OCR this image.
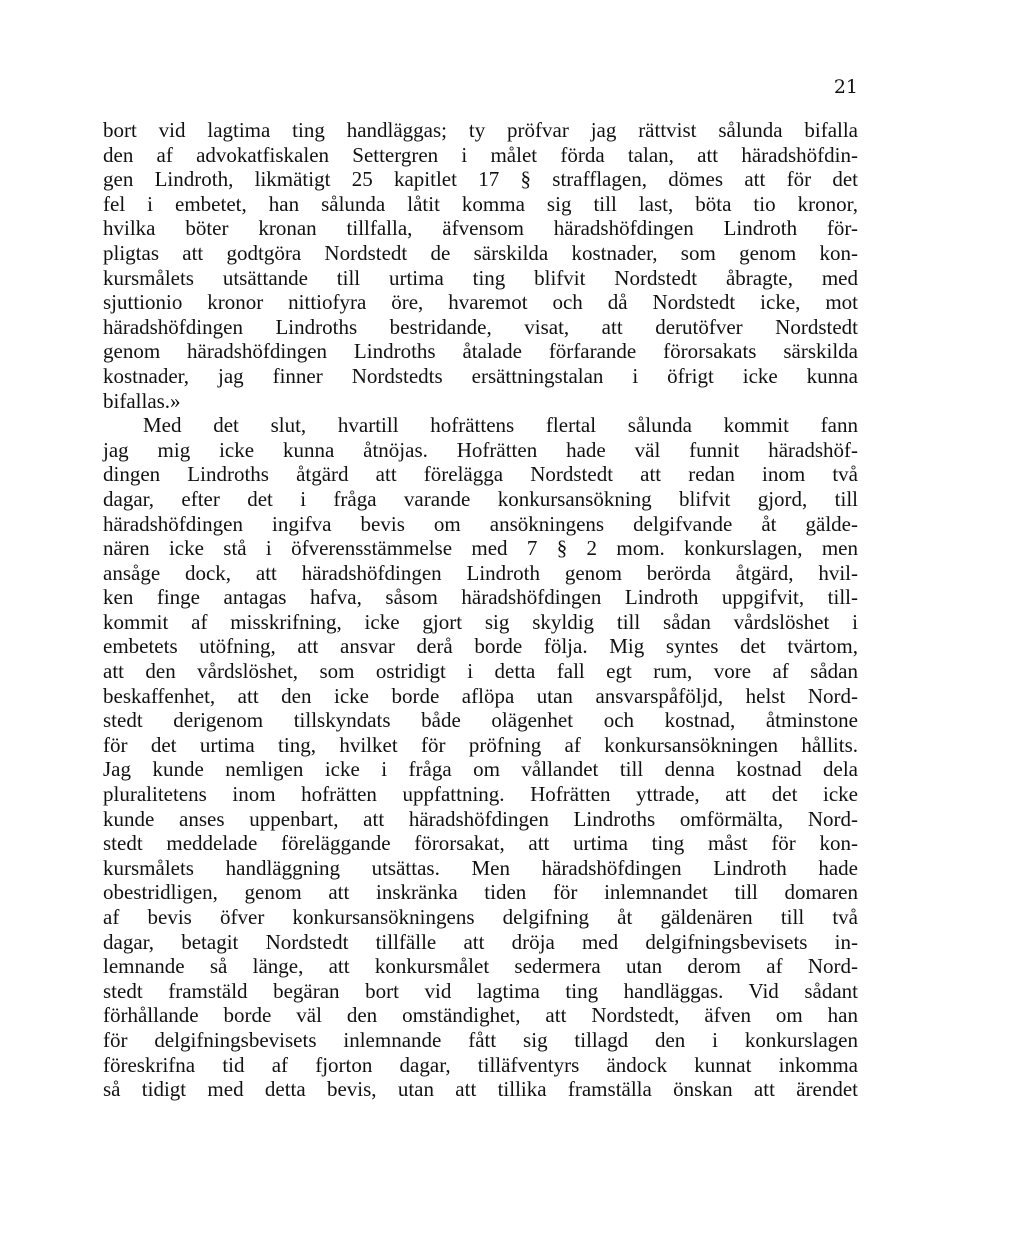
21
bort vid lagtima ting handläggas; ty pröfvar jag rättvist sålunda bifalla
den af advokatfiskalen Settergren i målet förda talan, att häradshöfdin-
gen Lindroth, likmätigt 25 kapitlet 17 § strafflagen, dömes att för det
fel i embetet, han sålunda låtit komma sig till last, böta tio kronor,
hvilka böter kronan tillfalla, äfvensom häradshöfdingen Lindroth för-
pligtas att godtgöra Nordstedt de särskilda kostnader, som genom kon-
kursmålets utsättande till urtima ting blifvit Nordstedt åbragte, med
sjuttionio kronor nittiofyra öre, hvaremot och då Nordstedt icke, mot
häradshöfdingen Lindroths bestridande, visat, att derutöfver Nordstedt
genom häradshöfdingen Lindroths åtalade förfarande förorsakats särskilda
kostnader, jag finner Nordstedts ersättningstalan i öfrigt icke kunna
bifallas.»
Med det slut, hvartill hofrättens flertal sålunda kommit fann
jag mig icke kunna åtnöjas. Hofrätten hade väl funnit häradshöf-
dingen Lindroths åtgärd att förelägga Nordstedt att redan inom två
dagar, efter det i fråga varande konkursansökning blifvit gjord, till
häradshöfdingen ingifva bevis om ansökningens delgifvande åt gälde-
nären icke stå i öfverensstämmelse med 7 § 2 mom. konkurslagen, men
ansåge dock, att häradshöfdingen Lindroth genom berörda åtgärd, hvil-
ken finge antagas hafva, såsom häradshöfdingen Lindroth uppgifvit, till-
kommit af misskrifning, icke gjort sig skyldig till sådan vårdslöshet i
embetets utöfning, att ansvar derå borde följa. Mig syntes det tvärtom,
att den vårdslöshet, som ostridigt i detta fall egt rum, vore af sådan
beskaffenhet, att den icke borde aflöpa utan ansvarspåföljd, helst Nord-
stedt derigenom tillskyndats både olägenhet och kostnad, åtminstone
för det urtima ting, hvilket för pröfning af konkursansökningen hållits.
Jag kunde nemligen icke i fråga om vållandet till denna kostnad dela
pluralitetens inom hofrätten uppfattning. Hofrätten yttrade, att det icke
kunde anses uppenbart, att häradshöfdingen Lindroths omförmälta, Nord-
stedt meddelade föreläggande förorsakat, att urtima ting måst för kon-
kursmålets handläggning utsättas. Men häradshöfdingen Lindroth hade
obestridligen, genom att inskränka tiden för inlemnandet till domaren
af bevis öfver konkursansökningens delgifning åt gäldenären till två
dagar, betagit Nordstedt tillfälle att dröja med delgifningsbevisets in-
lemnande så länge, att konkursmålet sedermera utan derom af Nord-
stedt framstäld begäran bort vid lagtima ting handläggas. Vid sådant
förhållande borde väl den omständighet, att Nordstedt, äfven om han
för delgifningsbevisets inlemnande fått sig tillagd den i konkurslagen
föreskrifna tid af fjorton dagar, tilläfventyrs ändock kunnat inkomma
så tidigt med detta bevis, utan att tillika framställa önskan att ärendet
